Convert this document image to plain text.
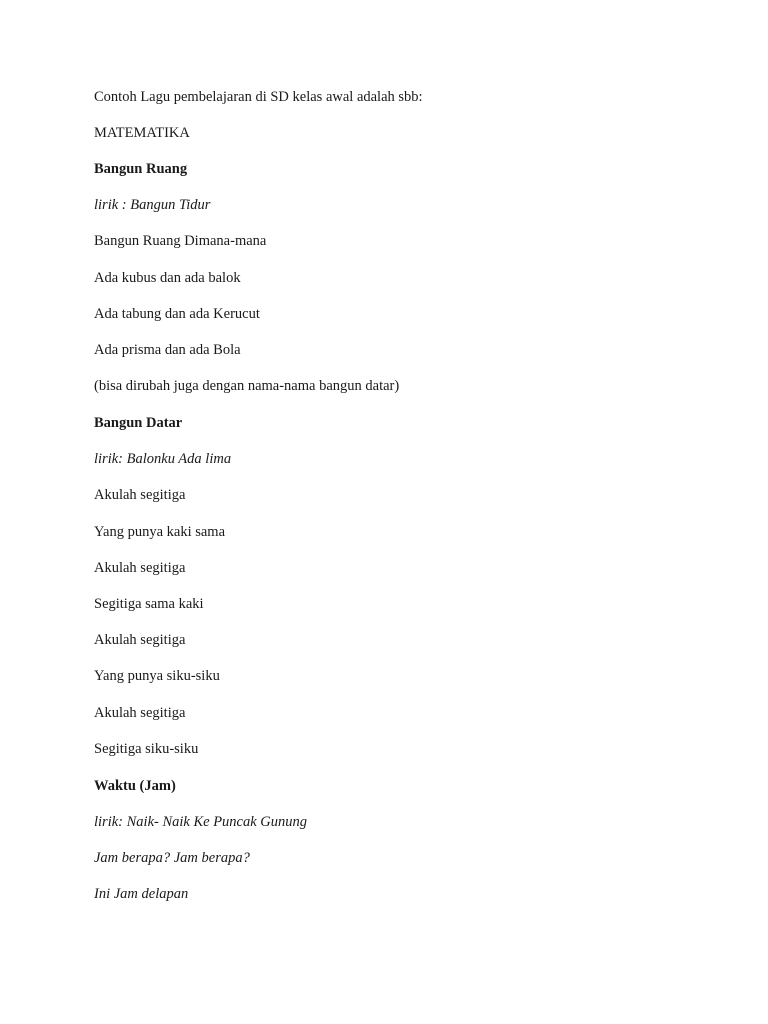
Contoh Lagu pembelajaran di SD kelas awal adalah sbb:

MATEMATIKA

Bangun Ruang

lirik : Bangun Tidur

Bangun Ruang Dimana-mana

Ada kubus dan ada balok

Ada tabung dan ada Kerucut

Ada prisma dan ada Bola

(bisa dirubah juga dengan nama-nama bangun datar)

Bangun Datar

lirik: Balonku Ada lima

Akulah segitiga

Yang punya kaki sama

Akulah segitiga

Segitiga sama kaki

Akulah segitiga

Yang punya siku-siku

Akulah segitiga

Segitiga siku-siku

Waktu (Jam)

lirik: Naik- Naik Ke Puncak Gunung

Jam berapa? Jam berapa?

Ini Jam delapan
